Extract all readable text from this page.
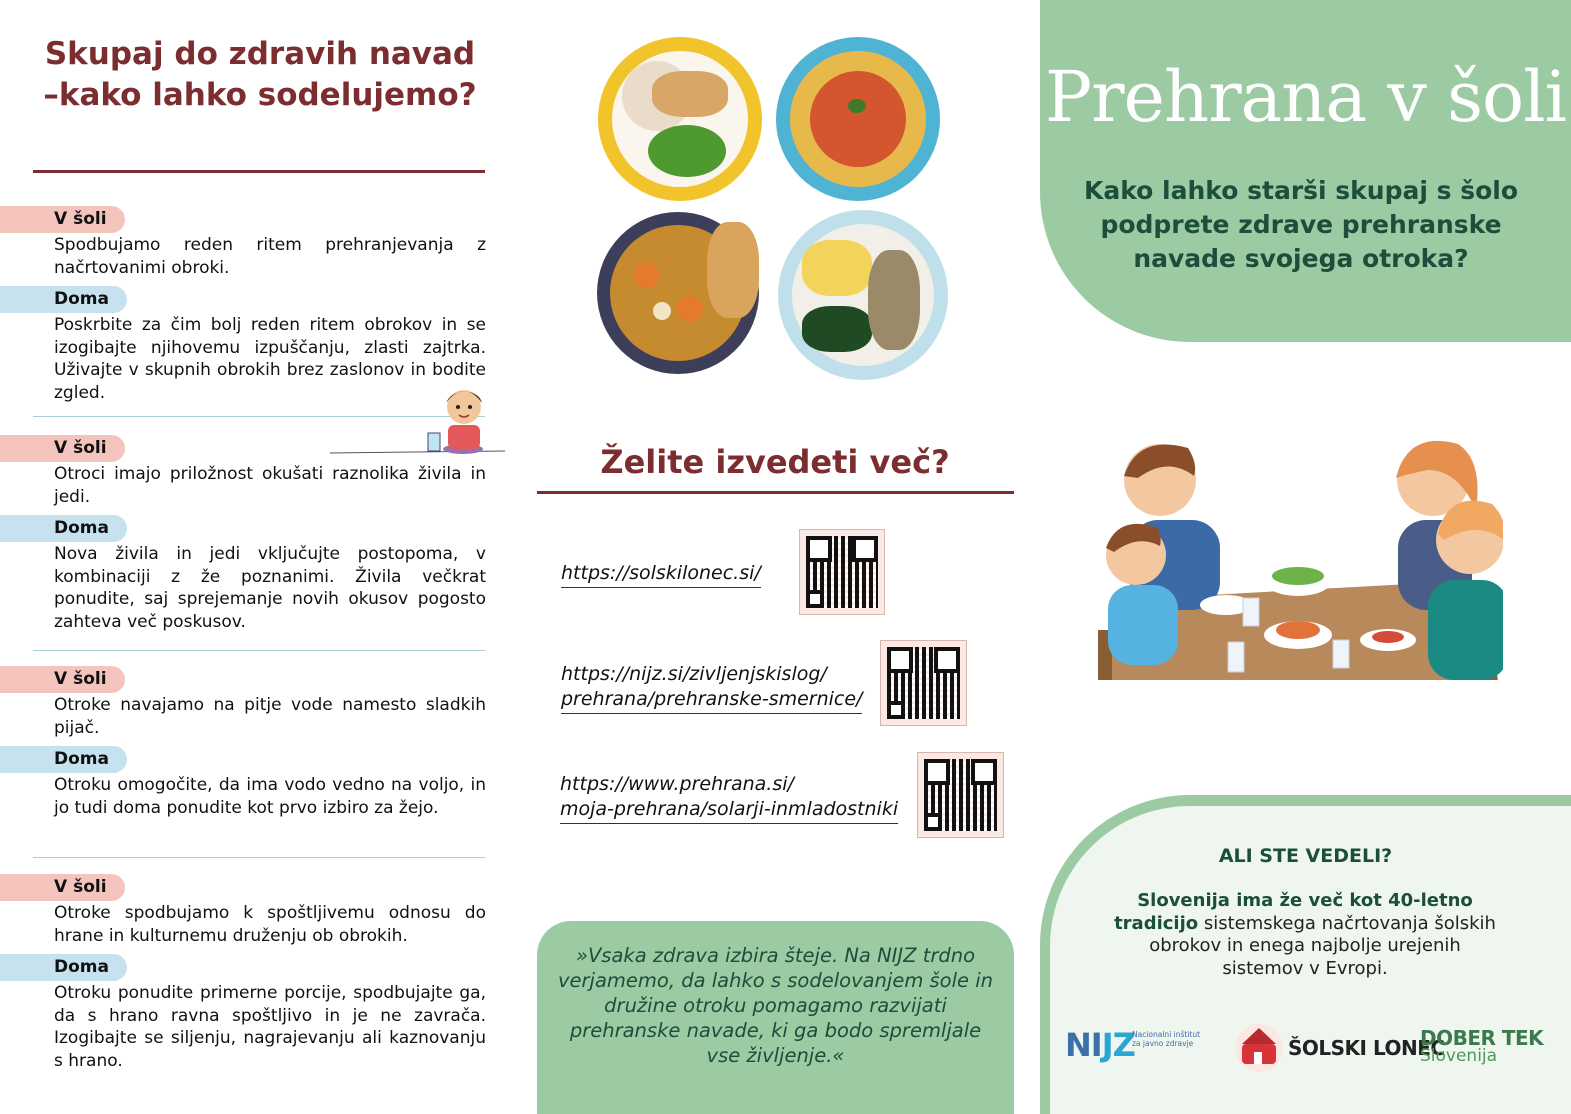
Skupaj do zdravih navad –kako lahko sodelujemo?
V šoli

Spodbujamo reden ritem prehranjevanja z načrtovanimi obroki.

Doma

Poskrbite za čim bolj reden ritem obrokov in se izogibajte njihovemu izpuščanju, zlasti zajtrka. Uživajte v skupnih obrokih brez zaslonov in bodite zgled.

V šoli

Otroci imajo priložnost okušati raznolika živila in jedi.

Doma

Nova živila in jedi vključujte postopoma, v kombinaciji z že poznanimi. Živila večkrat ponudite, saj sprejemanje novih okusov pogosto zahteva več poskusov.

V šoli

Otroke navajamo na pitje vode namesto sladkih pijač.

Doma

Otroku omogočite, da ima vodo vedno na voljo, in jo tudi doma ponudite kot prvo izbiro za žejo.

V šoli

Otroke spodbujamo k spoštljivemu odnosu do hrane in kulturnemu druženju ob obrokih.

Doma

Otroku ponudite primerne porcije, spodbujajte ga, da s hrano ravna spoštljivo in je ne zavrača. Izogibajte se siljenju, nagrajevanju ali kaznovanju s hrano.

Želite izvedeti več?
https://solskilonec.si/
https://nijz.si/zivljenjskislog/
prehrana/prehranske-smernice/
https://www.prehrana.si/
moja-prehrana/solarji-inmladostniki

»Vsaka zdrava izbira šteje. Na NIJZ trdno verjamemo, da lahko s sodelovanjem šole in družine otroku pomagamo razvijati prehranske navade, ki ga bodo spremljale vse življenje.«

Prehrana v šoli
Kako lahko starši skupaj s šolo podprete zdrave prehranske navade svojega otroka?
ALI STE VEDELI?

Slovenija ima že več kot 40-letno tradicijo sistemskega načrtovanja šolskih obrokov in enega najbolje urejenih sistemov v Evropi.

NIJZ
Nacionalni inštitut
za javno zdravje	ŠOLSKI LONEC
DOBER TEK
Slovenija
